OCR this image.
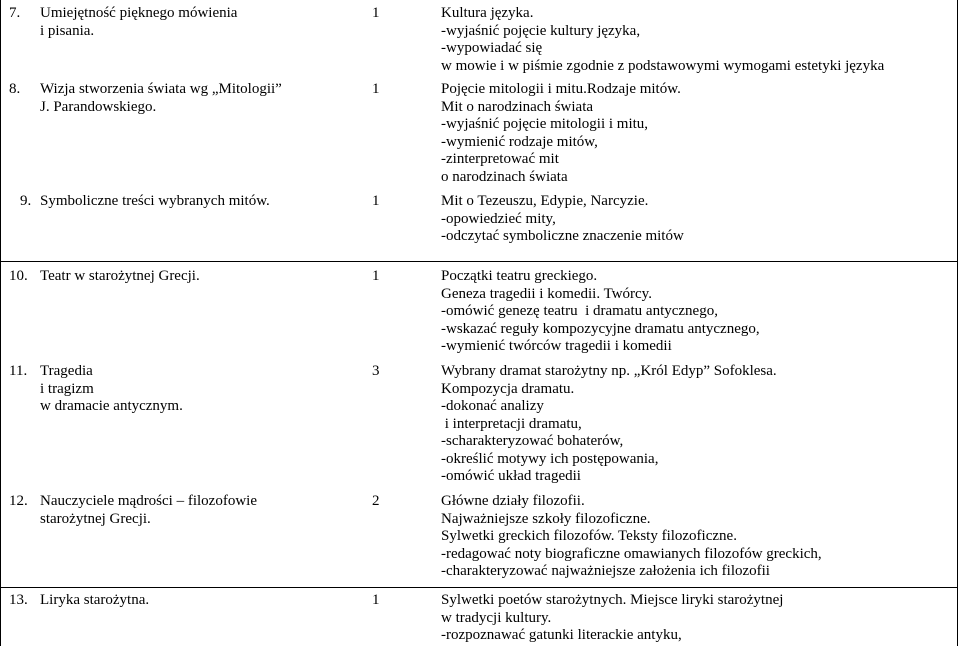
7. Umiejętność pięknego mówienia
i pisania.
1	Kultura języka.
-wyjaśnić pojęcie kultury języka,
-wypowiadać się
w mowie i w piśmie zgodnie z podstawowymi wymogami estetyki języka
8. Wizja stworzenia świata wg „Mitologii”
J. Parandowskiego.
1	Pojęcie mitologii i mitu.Rodzaje mitów.
Mit o narodzinach świata
-wyjaśnić pojęcie mitologii i mitu,
-wymienić rodzaje mitów,
-zinterpretować mit
o narodzinach świata
9. Symboliczne treści wybranych mitów.	1	Mit o Tezeuszu, Edypie, Narcyzie.
-opowiedzieć mity,
-odczytać symboliczne znaczenie mitów
10. Teatr w starożytnej Grecji.	1	Początki teatru greckiego.
Geneza tragedii i komedii. Twórcy.
-omówić genezę teatru  i dramatu antycznego,
-wskazać reguły kompozycyjne dramatu antycznego,
-wymienić twórców tragedii i komedii
11. Tragedia
i tragizm
w dramacie antycznym.
3	Wybrany dramat starożytny np. „Król Edyp” Sofoklesa.
Kompozycja dramatu.
-dokonać analizy
i interpretacji dramatu,
-scharakteryzować bohaterów,
-określić motywy ich postępowania,
-omówić układ tragedii
12. Nauczyciele mądrości – filozofowie
starożytnej Grecji.
2	Główne działy filozofii.
Najważniejsze szkoły filozoficzne.
Sylwetki greckich filozofów. Teksty filozoficzne.
-redagować noty biograficzne omawianych filozofów greckich,
-charakteryzować najważniejsze założenia ich filozofii
13. Liryka starożytna.	1	Sylwetki poetów starożytnych. Miejsce liryki starożytnej
w tradycji kultury.
-rozpoznawać gatunki literackie antyku,
